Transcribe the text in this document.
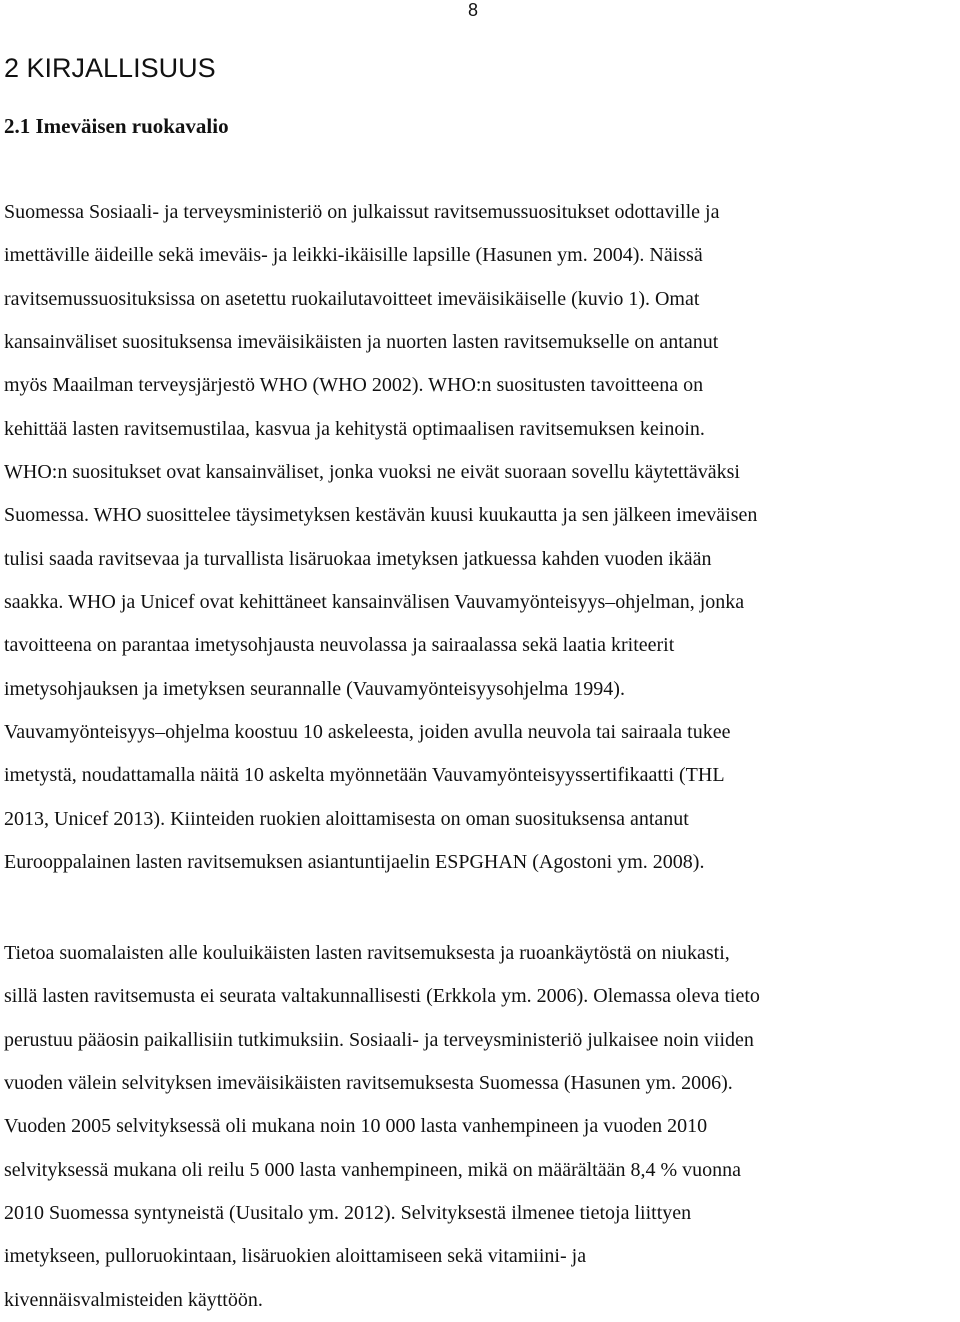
8
2 KIRJALLISUUS
2.1 Imeväisen ruokavalio
Suomessa Sosiaali- ja terveysministeriö on julkaissut ravitsemussuositukset odottaville ja
imettäville äideille sekä imeväis- ja leikki-ikäisille lapsille (Hasunen ym. 2004). Näissä
ravitsemussuosituksissa on asetettu ruokailutavoitteet imeväisikäiselle (kuvio 1). Omat
kansainväliset suosituksensa imeväisikäisten ja nuorten lasten ravitsemukselle on antanut
myös Maailman terveysjärjestö WHO (WHO 2002). WHO:n suositusten tavoitteena on
kehittää lasten ravitsemustilaa, kasvua ja kehitystä optimaalisen ravitsemuksen keinoin.
WHO:n suositukset ovat kansainväliset, jonka vuoksi ne eivät suoraan sovellu käytettäväksi
Suomessa. WHO suosittelee täysimetyksen kestävän kuusi kuukautta ja sen jälkeen imeväisen
tulisi saada ravitsevaa ja turvallista lisäruokaa imetyksen jatkuessa kahden vuoden ikään
saakka. WHO ja Unicef ovat kehittäneet kansainvälisen Vauvamyönteisyys–ohjelman, jonka
tavoitteena on parantaa imetysohjausta neuvolassa ja sairaalassa sekä laatia kriteerit
imetysohjauksen ja imetyksen seurannalle (Vauvamyönteisyysohjelma 1994).
Vauvamyönteisyys–ohjelma koostuu 10 askeleesta, joiden avulla neuvola tai sairaala tukee
imetystä, noudattamalla näitä 10 askelta myönnetään Vauvamyönteisyyssertifikaatti (THL
2013, Unicef 2013). Kiinteiden ruokien aloittamisesta on oman suosituksensa antanut
Eurooppalainen lasten ravitsemuksen asiantuntijaelin ESPGHAN (Agostoni ym. 2008).
Tietoa suomalaisten alle kouluikäisten lasten ravitsemuksesta ja ruoankäytöstä on niukasti,
sillä lasten ravitsemusta ei seurata valtakunnallisesti (Erkkola ym. 2006). Olemassa oleva tieto
perustuu pääosin paikallisiin tutkimuksiin. Sosiaali- ja terveysministeriö julkaisee noin viiden
vuoden välein selvityksen imeväisikäisten ravitsemuksesta Suomessa (Hasunen ym. 2006).
Vuoden 2005 selvityksessä oli mukana noin 10 000 lasta vanhempineen ja vuoden 2010
selvityksessä mukana oli reilu 5 000 lasta vanhempineen, mikä on määrältään 8,4 % vuonna
2010 Suomessa syntyneistä (Uusitalo ym. 2012). Selvityksestä ilmenee tietoja liittyen
imetykseen, pulloruokintaan, lisäruokien aloittamiseen sekä vitamiini- ja
kivennäisvalmisteiden käyttöön.
